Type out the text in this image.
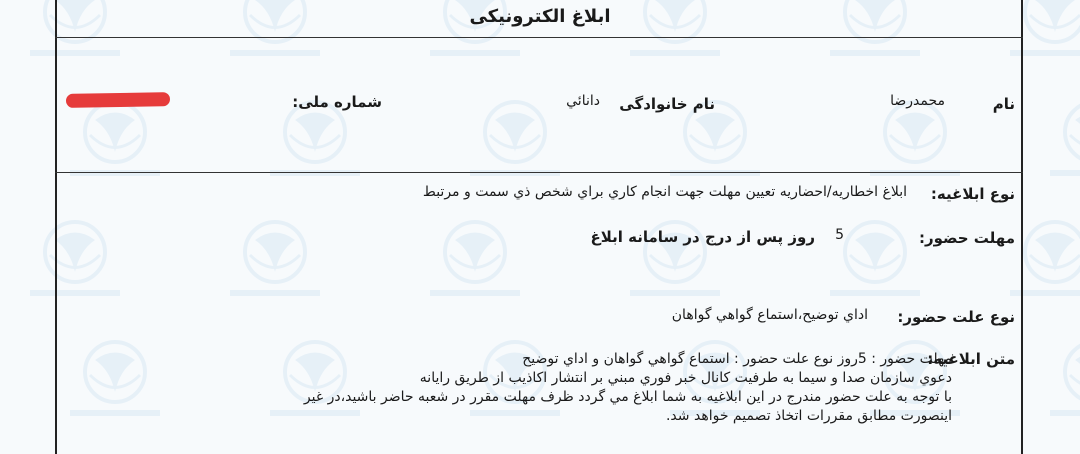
ابلاغ الکترونیکی
نام
محمدرضا
نام خانوادگی
دانائي
شماره ملی:
نوع ابلاغیه:
ابلاغ اخطاريه/احضاريه تعيين مهلت جهت انجام كاري براي شخص ذي سمت و مرتبط
مهلت حضور:
5
روز پس از درج در سامانه ابلاغ
نوع علت حضور:
اداي توضيح،استماع گواهي گواهان
متن ابلاغیه:
مهلت حضور : 5روز نوع علت حضور : استماع گواهي گواهان و اداي توضيح
دعوي سازمان صدا و سيما به طرفيت كانال خبر فوري مبني بر انتشار اكاذيب از طريق رايانه
با توجه به علت حضور مندرج در اين ابلاغيه به شما ابلاغ مي گردد ظرف مهلت مقرر در شعبه حاضر باشيد،در غير
اينصورت مطابق مقررات اتخاذ تصميم خواهد شد.
